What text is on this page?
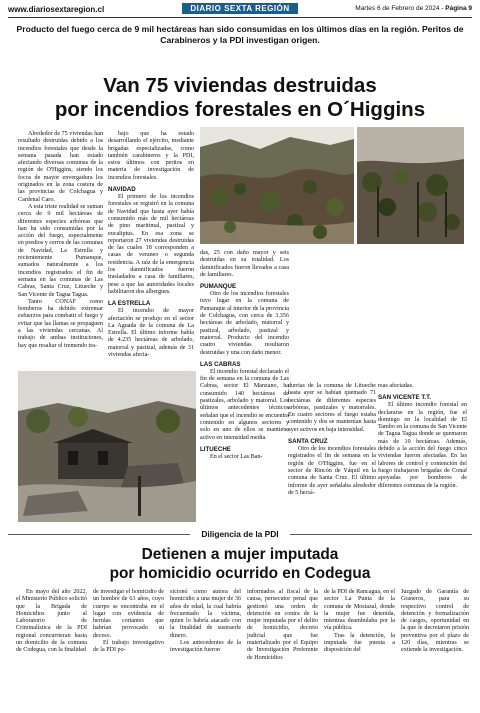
www.diariosextaregion.cl	DIARIO SEXTA REGIÓN	Martes 6 de Febrero de 2024 - Página 9
Producto del fuego cerca de 9 mil hectáreas han sido consumidas en los últimos días en la región. Peritos de Carabineros y la PDI investigan origen.
Van 75 viviendas destruidas
por incendios forestales en O´Higgins

Alrededor de 75 viviendas han resultado destruidas debido a los incendios forestales que desde la semana pasada han estado afectando diversas comunas de la región de O'Higgins, siendo los focos de mayor envergadura los originados en la zona costera de las provincias de Colchagua y Cardenal Caro.

A esta triste realidad se suman cerca de 9 mil hectáreas de diferentes especies arbóreas que han ha sido consumidas por la acción del fuego, especialmente en predios y cerros de las comunas de Navidad, La Estrella y recientemente Pumanque, sumados naturalmente a los incendios registrados el fin de semana en las comunas de Las Cabras, Santa Cruz, Litueche y San Vicente de Tagua Tagua.

Tanto CONAF como bomberos ha debido extremar esfuerzos para combatir el fuego y evitar que las llamas se propaguen a las viviendas cercanas. Al trabajo de ambas instituciones, hay que resaltar el tremendo tra-

bajo que ha estado desarrollando el ejército, mediante brigadas especializadas, como también carabineros y la PDI, estos últimos con peritos en materia de investigación de incendios forestales.

NAVIDAD

El primero de los incendios forestales se registró en la comuna de Navidad que hasta ayer había consumido más de mil hectáreas de pino maritimal, pastizal y eucaliptus. En esa zona se reportaron 27 viviendas destruidas de las cuales 18 corresponden a casas de veraneo o segunda residencia. A raíz de la emergencia los damnificados fueron trasladados a casa de familiares, pese a que las autoridades locales habilitaron dos albergues.

LA ESTRELLA

El incendio de mayor afectación se produjo en el sector La Aguada de la comuna de La Estrella. El último informe habla de 4.235 hectáreas de arbolado, matorral y pastizal, además de 31 viviendas afecta-

das, 25 con daño mayor y seis destruidas en su totalidad. Los damnificados fueron llevados a casa de familiares.

PUMANQUE

Otro de los incendios forestales tuvo lugar en la comuna de Pumanque al interior de la provincia de Colchagua, con cerca de 3.356 hectáreas de arbolado, matorral y pastizal, arbolado, pastizal y matorral. Producto del incendio cuatro viviendas resultaron destruidas y una con daño menor.

LAS CABRAS

El incendio forestal declarado el fin de semana en la comuna de Las Cabras, sector El Manzano, ha consumido 140 hectáreas de pastizales, arbolado y matorral. Los últimos antecedentes técnicos señalan que el incendio se encuentra contenido en algunos sectores y solo en uno de ellos se mantiene activo en intensidad media.

LITUECHE

En el sector Las Ban-

durrias de la comuna de Litueche hasta ayer se habían quemado 71 hectáreas de diferentes especies arbóreas, pastizales y matorrales. En cuatro sectores el fuego estaba contenido y dos se mantenían hasta ayer activos en baja intensidad.

SANTA CRUZ

Otro de los incendios forestales registrados el fin de semana en la región de O'Higgins, fue en el sector de Rincón de Yáquil en la comuna de Santa Cruz. El último informe de ayer señalaba alrededor de 5 hectá-

reas afectadas.

SAN VICENTE T.T.

El último incendio forestal en declararse en la región, fue el domingo en la localidad de El Tambo en la comuna de San Vicente de Tagua Tagua donde se quemaron más de 10 hectáreas. Además, debido a la acción del fuego cinco viviendas fueron afectadas. En las labores de control y contención del fuego trabajaron brigadas de Conaf apoyadas por bomberos de diferentes comunas de la región.

Diligencia de la PDI
Detienen a mujer imputada
por homicidio ocurrido en Codegua

En mayo del año 2022, el Ministerio Público solicitó que la Brigada de Homicidios junto al Laboratorio de Criminalística de la PDI regional concurrieran hasta un domicilio de la comuna de Codegua, con la finalidad

de investigar el homicidio de un hombre de 63 años, cuyo cuerpo se encontraba en el lugar con evidencia de heridas cortantes que habrían provocado su deceso.

El trabajo investigativo de la PDI po-

sicionó como autora del homicidio a una mujer de 36 años de edad, la cual habría frecuentado la víctima, quien lo habría atacado con la finalidad de sustraerle dinero.

Los antecedentes de la investigación fueron

informados al fiscal de la causa, persecutor penal que gestionó una orden de detención en contra de la mujer imputada por el delito de homicidio, decreto judicial que fue materializado por el Equipo de Investigación Preferente de Homicidios

de la PDI de Rancagua, en el sector La Punta de la comuna de Mostazal, donde la mujer fue detenida, mientras deambulaba por la vía pública.

Tras la detención, la imputada fue puesta a disposición del

Juzgado de Garantía de Graneros, para su respectivo control de detención y formalización de cargos, oportunidad en la que le decretaron prisión preventiva por el plazo de 120 días, mientras se extiende la investigación.
